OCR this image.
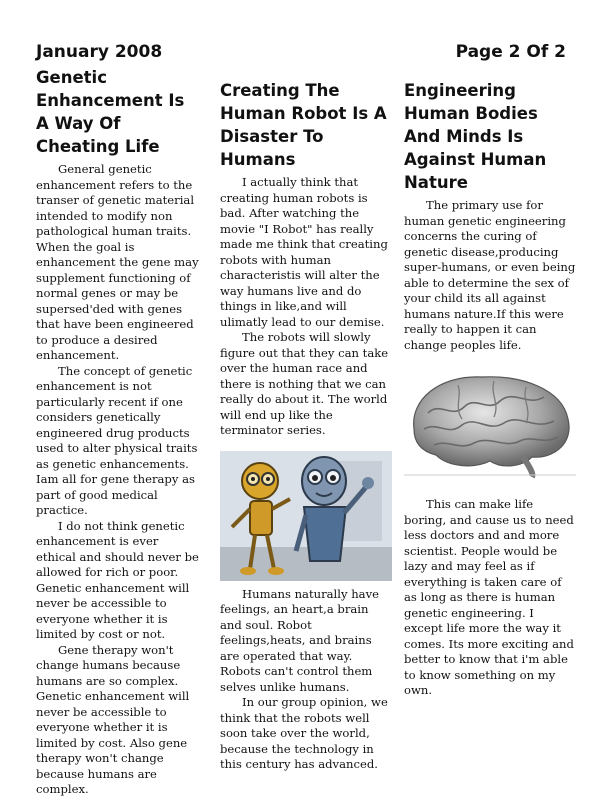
January 2008	Page 2 Of 2
Genetic Enhancement Is A Way Of Cheating Life

General genetic enhancement refers to the transer of genetic material intended to modify non pathological human traits. When the goal is enhancement the gene may supplement functioning of normal genes or may be supersed'ded with genes that have been engineered to produce a desired enhancement.

The concept of genetic enhancement is not particularly recent if one considers genetically engineered drug products used to alter physical traits as genetic enhancements. Iam all for gene therapy as part of good medical practice.

I do not think genetic enhancement is ever ethical and should never be allowed for rich or poor. Genetic enhancement will never be accessible to everyone whether it is limited by cost or not.

Gene therapy won't change humans because humans are so complex. Genetic enhancement will never be accessible to everyone whether it is limited by cost. Also gene therapy won't change because humans are complex.

Creating The Human Robot Is A Disaster To Humans

I actually think that creating human robots is bad. After watching the movie "I Robot" has really made me think that creating robots with human characteristis will alter the way humans live and do things in like,and will ulimatly lead to our demise.

The robots will slowly figure out that they can take over the human race and there is nothing that we can really do about it. The world will end up like the terminator series.

Humans naturally have feelings, an heart,a brain and soul. Robot feelings,heats, and brains are operated that way. Robots can't control them selves unlike humans.

In our group opinion, we think that the robots well soon take over the world, because the technology in this century has advanced.

Engineering Human Bodies And Minds Is Against Human Nature

The primary use for human genetic engineering concerns the curing of genetic disease,producing super-humans, or even being able to determine the sex of your child its all against humans nature.If this were really to happen it can change peoples life.

This can make life boring, and cause us to need less doctors and and more scientist. People would be lazy and may feel as if everything is taken care of as long as there is human genetic engineering. I except life more the way it comes. Its more exciting and better to know that i'm able to know something on my own.
